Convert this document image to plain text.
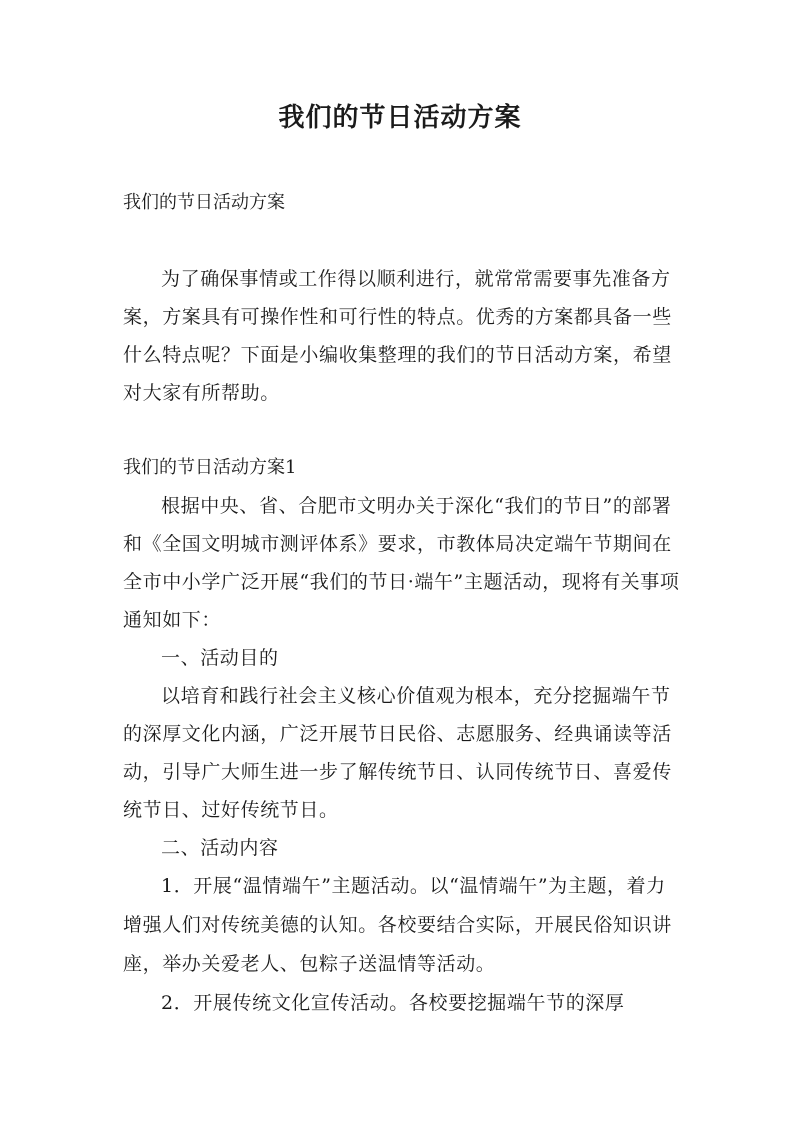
我们的节日活动方案
我们的节日活动方案

为了确保事情或工作得以顺利进行，就常常需要事先准备方案，方案具有可操作性和可行性的特点。优秀的方案都具备一些什么特点呢？下面是小编收集整理的我们的节日活动方案，希望对大家有所帮助。

我们的节日活动方案1

根据中央、省、合肥市文明办关于深化“我们的节日”的部署和《全国文明城市测评体系》要求，市教体局决定端午节期间在全市中小学广泛开展“我们的节日·端午”主题活动，现将有关事项通知如下：

一、活动目的

以培育和践行社会主义核心价值观为根本，充分挖掘端午节的深厚文化内涵，广泛开展节日民俗、志愿服务、经典诵读等活动，引导广大师生进一步了解传统节日、认同传统节日、喜爱传统节日、过好传统节日。

二、活动内容

1．开展“温情端午”主题活动。以“温情端午”为主题，着力增强人们对传统美德的认知。各校要结合实际，开展民俗知识讲座，举办关爱老人、包粽子送温情等活动。

2．开展传统文化宣传活动。各校要挖掘端午节的深厚
